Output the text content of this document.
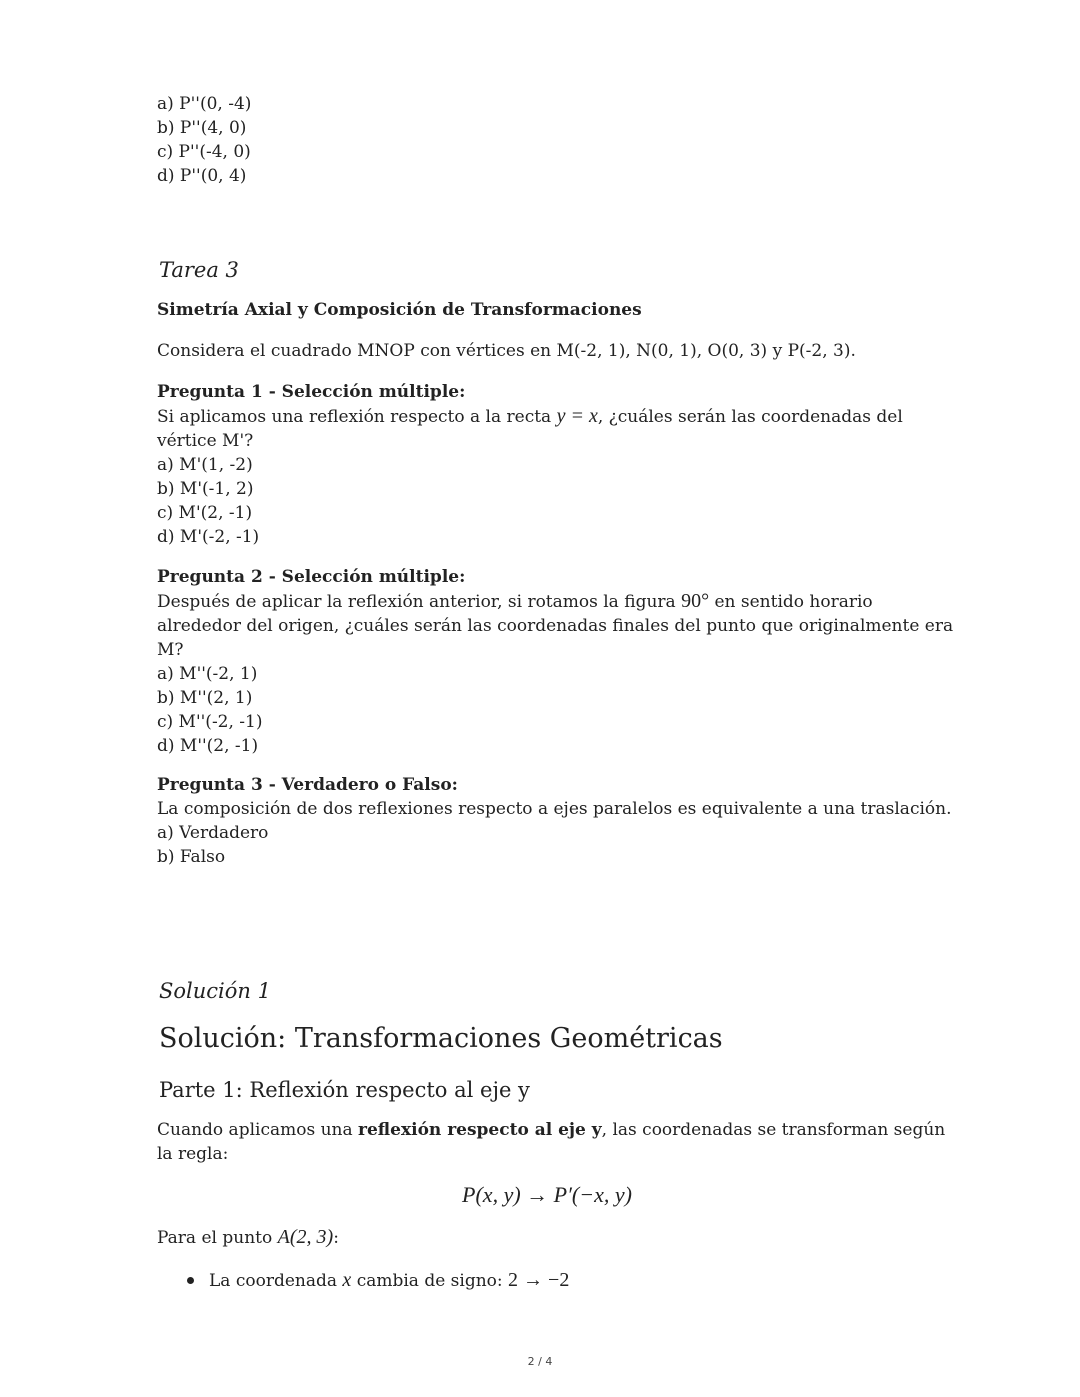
a) P''(0, -4)
b) P''(4, 0)
c) P''(-4, 0)
d) P''(0, 4)
Tarea 3
Simetría Axial y Composición de Transformaciones
Considera el cuadrado MNOP con vértices en M(-2, 1), N(0, 1), O(0, 3) y P(-2, 3).
Pregunta 1 - Selección múltiple:
Si aplicamos una reflexión respecto a la recta y = x, ¿cuáles serán las coordenadas del
vértice M'?
a) M'(1, -2)
b) M'(-1, 2)
c) M'(2, -1)
d) M'(-2, -1)
Pregunta 2 - Selección múltiple:
Después de aplicar la reflexión anterior, si rotamos la figura 90° en sentido horario
alrededor del origen, ¿cuáles serán las coordenadas finales del punto que originalmente era
M?
a) M''(-2, 1)
b) M''(2, 1)
c) M''(-2, -1)
d) M''(2, -1)
Pregunta 3 - Verdadero o Falso:
La composición de dos reflexiones respecto a ejes paralelos es equivalente a una traslación.
a) Verdadero
b) Falso
Solución 1
Solución: Transformaciones Geométricas
Parte 1: Reflexión respecto al eje y
Cuando aplicamos una reflexión respecto al eje y, las coordenadas se transforman según
la regla:
P(x, y) → P′(−x, y)
Para el punto A(2, 3):
La coordenada x cambia de signo: 2 → −2
2 / 4
